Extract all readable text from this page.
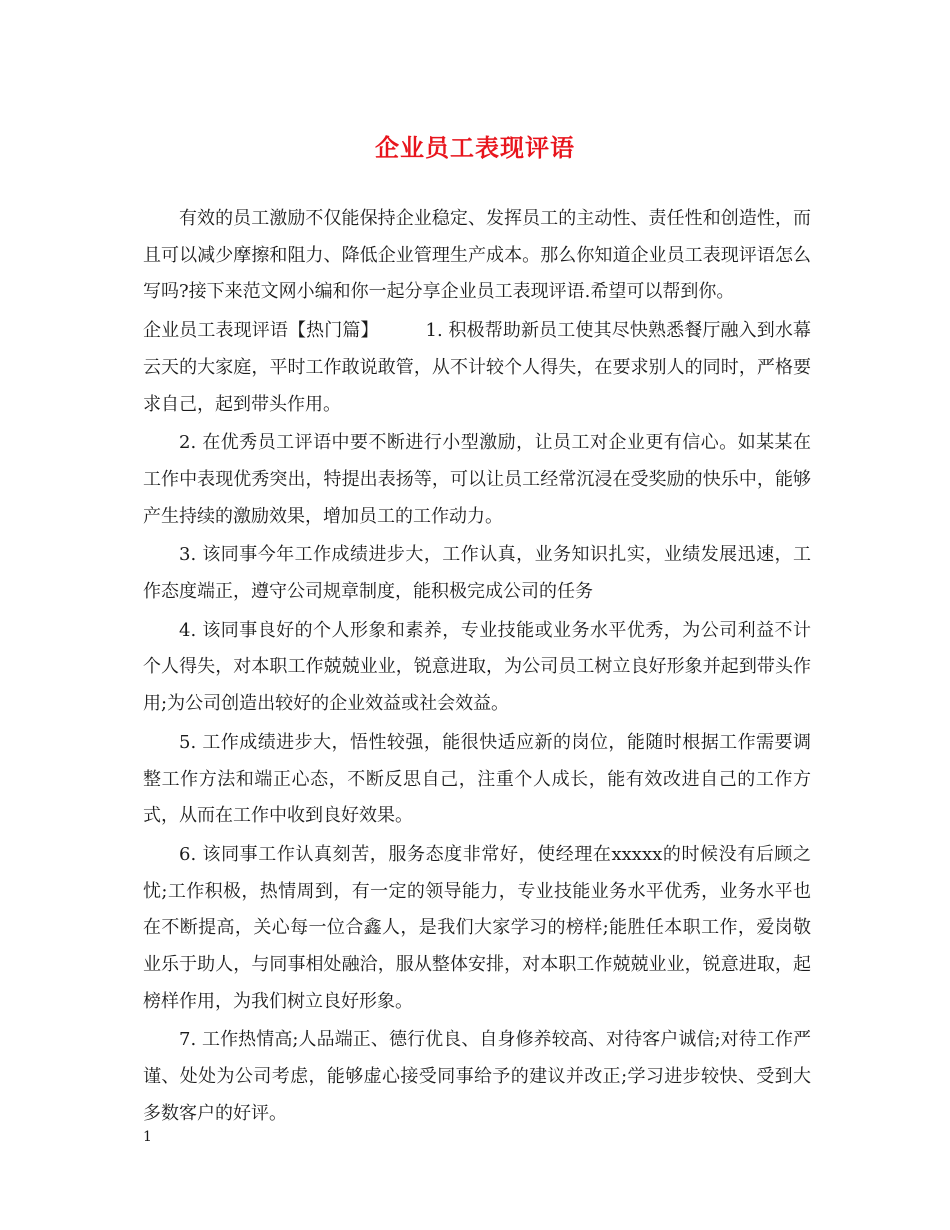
企业员工表现评语

有效的员工激励不仅能保持企业稳定、发挥员工的主动性、责任性和创造性，而且可以减少摩擦和阻力、降低企业管理生产成本。那么你知道企业员工表现评语怎么写吗?接下来范文网小编和你一起分享企业员工表现评语.希望可以帮到你。

企业员工表现评语【热门篇】        1. 积极帮助新员工使其尽快熟悉餐厅融入到水幕云天的大家庭，平时工作敢说敢管，从不计较个人得失，在要求别人的同时，严格要求自己，起到带头作用。

2. 在优秀员工评语中要不断进行小型激励，让员工对企业更有信心。如某某在工作中表现优秀突出，特提出表扬等，可以让员工经常沉浸在受奖励的快乐中，能够产生持续的激励效果，增加员工的工作动力。

3. 该同事今年工作成绩进步大，工作认真，业务知识扎实，业绩发展迅速，工作态度端正，遵守公司规章制度，能积极完成公司的任务

4. 该同事良好的个人形象和素养，专业技能或业务水平优秀，为公司利益不计个人得失，对本职工作兢兢业业，锐意进取，为公司员工树立良好形象并起到带头作用;为公司创造出较好的企业效益或社会效益。

5. 工作成绩进步大，悟性较强，能很快适应新的岗位，能随时根据工作需要调整工作方法和端正心态，不断反思自己，注重个人成长，能有效改进自己的工作方式，从而在工作中收到良好效果。

6. 该同事工作认真刻苦，服务态度非常好，使经理在xxxxx的时候没有后顾之忧;工作积极，热情周到，有一定的领导能力，专业技能业务水平优秀，业务水平也在不断提高，关心每一位合鑫人，是我们大家学习的榜样;能胜任本职工作，爱岗敬业乐于助人，与同事相处融洽，服从整体安排，对本职工作兢兢业业，锐意进取，起榜样作用，为我们树立良好形象。

7. 工作热情高;人品端正、德行优良、自身修养较高、对待客户诚信;对待工作严谨、处处为公司考虑，能够虚心接受同事给予的建议并改正;学习进步较快、受到大多数客户的好评。

1
